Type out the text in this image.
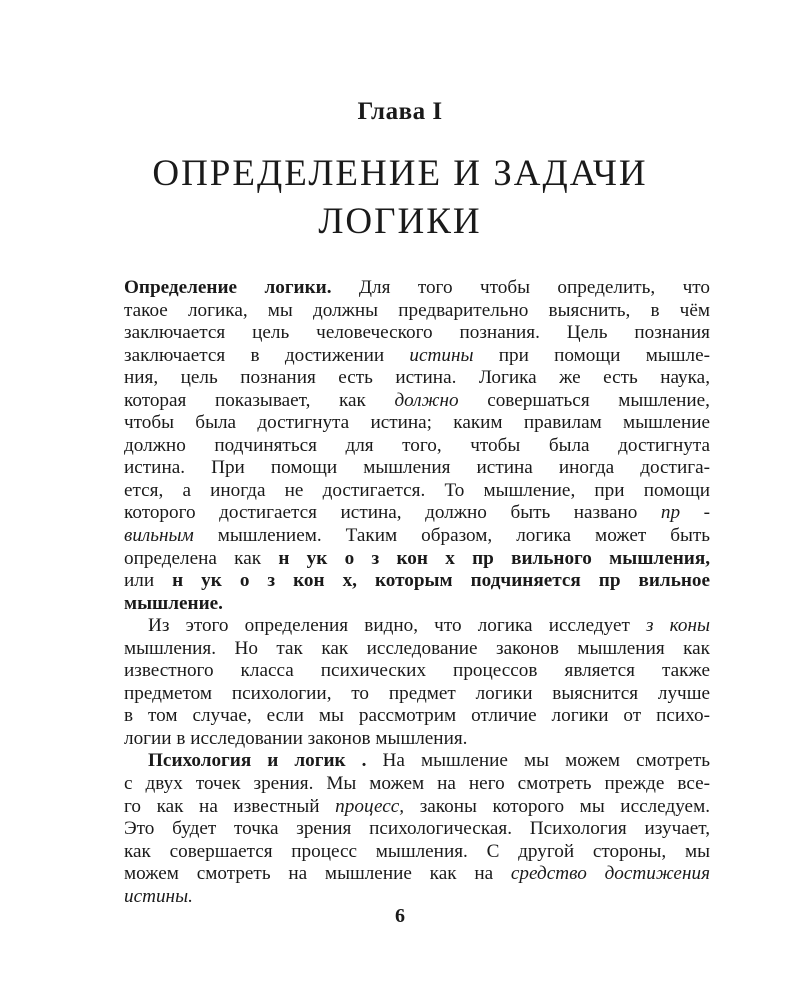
Глава I
ОПРЕДЕЛЕНИЕ И ЗАДАЧИ
ЛОГИКИ
Определение логики. Для того чтобы определить, что
такое логика, мы должны предварительно выяснить, в чём
заключается цель человеческого познания. Цель познания
заключается в достижении истины при помощи мышле-
ния, цель познания есть истина. Логика же есть наука,
которая показывает, как должно совершаться мышление,
чтобы была достигнута истина; каким правилам мышление
должно подчиняться для того, чтобы была достигнута
истина. При помощи мышления истина иногда достига-
ется, а иногда не достигается. То мышление, при помощи
которого достигается истина, должно быть названо пр -
вильным мышлением. Таким образом, логика может быть
определена как н ук о з кон х пр вильного мышления,
или н ук о з кон х, которым подчиняется пр вильное
мышление.
Из этого определения видно, что логика исследует з коны
мышления. Но так как исследование законов мышления как
известного класса психических процессов является также
предметом психологии, то предмет логики выяснится лучше
в том случае, если мы рассмотрим отличие логики от психо-
логии в исследовании законов мышления.
Психология и логик . На мышление мы можем смотреть
с двух точек зрения. Мы можем на него смотреть прежде все-
го как на известный процесс, законы которого мы исследуем.
Это будет точка зрения психологическая. Психология изучает,
как совершается процесс мышления. С другой стороны, мы
можем смотреть на мышление как на средство достижения
истины.
6
